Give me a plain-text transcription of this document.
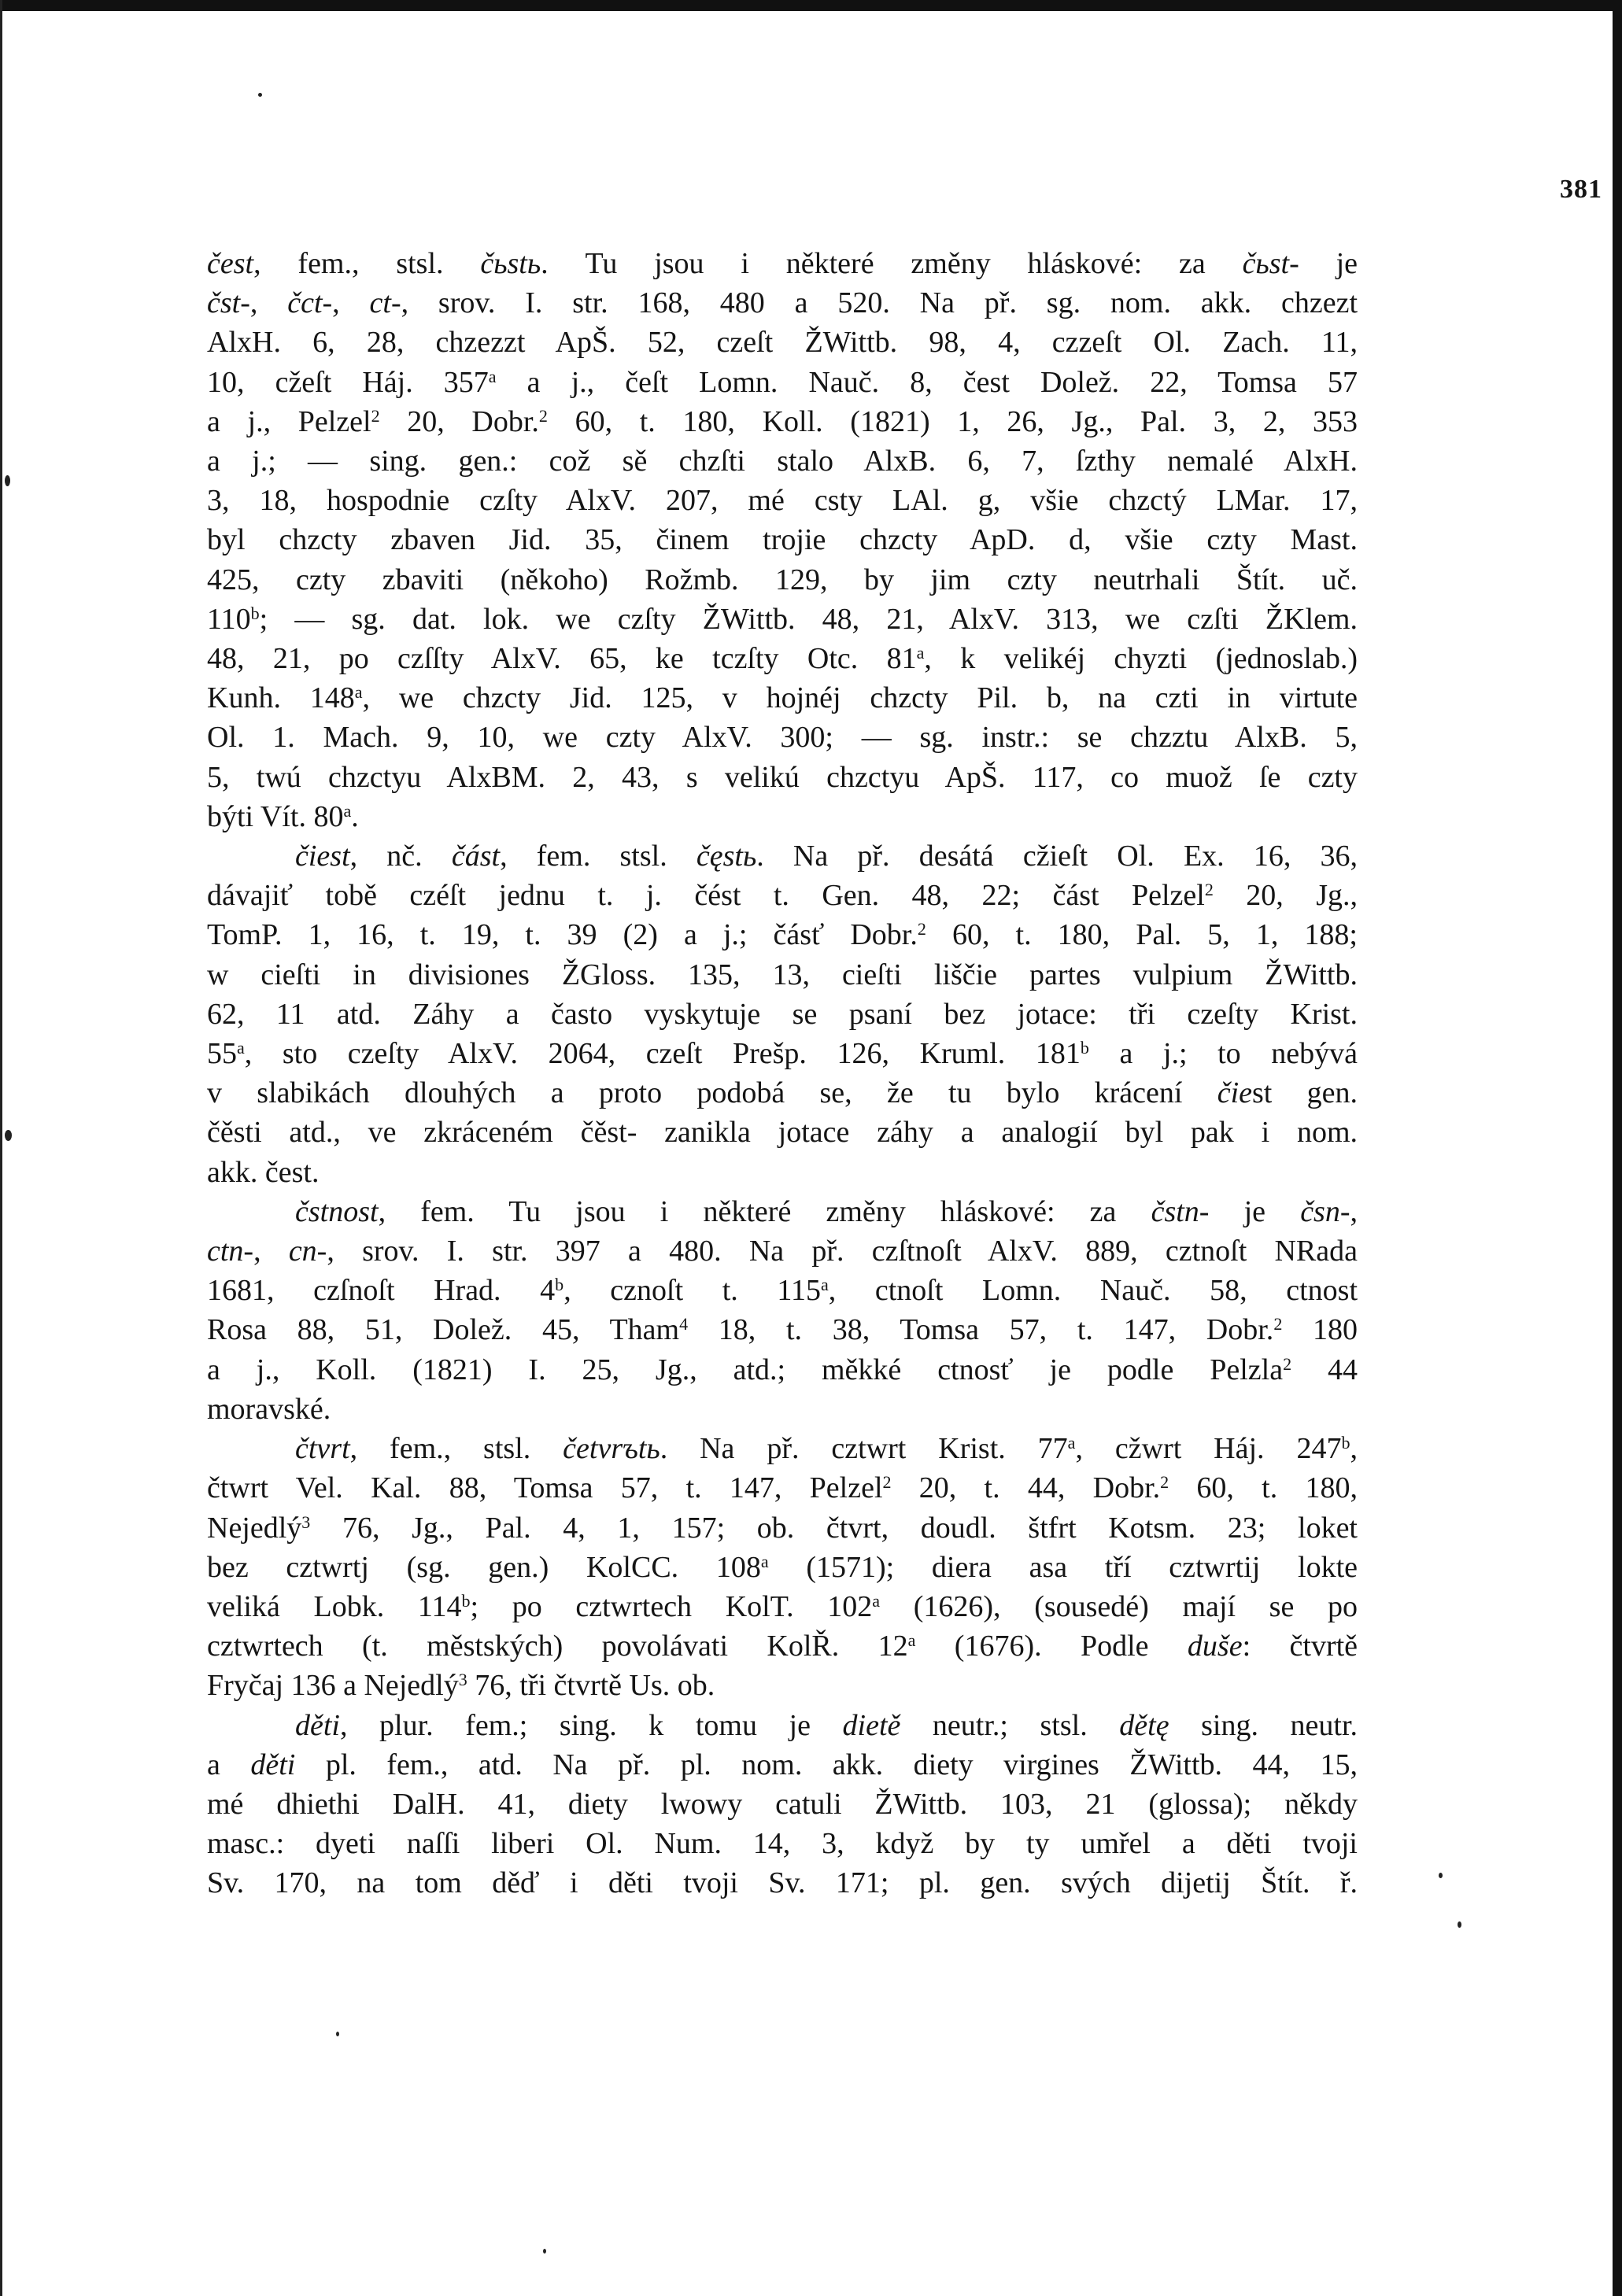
381
čest, fem., stsl. čьstь. Tu jsou i některé změny hláskové: za čьst- je
čst-, čct-, ct-, srov. I. str. 168, 480 a 520. Na př. sg. nom. akk. chzezt
AlxH. 6, 28, chzezzt ApŠ. 52, czeſt ŽWittb. 98, 4, czzeſt Ol. Zach. 11,
10, cžeſt Háj. 357$^a$ a j., čeſt Lomn. Nauč. 8, čest Dolež. 22, Tomsa 57
a j., Pelzel$^2$ 20, Dobr.$^2$ 60, t. 180, Koll. (1821) 1, 26, Jg., Pal. 3, 2, 353
a j.; — sing. gen.: což sě chzſti stalo AlxB. 6, 7, ſzthy nemalé AlxH.
3, 18, hospodnie czſty AlxV. 207, mé csty LAl. g, všie chzctý LMar. 17,
byl chzcty zbaven Jid. 35, činem trojie chzcty ApD. d, všie czty Mast.
425, czty zbaviti (někoho) Rožmb. 129, by jim czty neutrhali Štít. uč.
110$^b$; — sg. dat. lok. we czſty ŽWittb. 48, 21, AlxV. 313, we czſti ŽKlem.
48, 21, po czſſty AlxV. 65, ke tczſty Otc. 81$^a$, k velikéj chyzti (jednoslab.)
Kunh. 148$^a$, we chzcty Jid. 125, v hojnéj chzcty Pil. b, na czti in virtute
Ol. 1. Mach. 9, 10, we czty AlxV. 300; — sg. instr.: se chzztu AlxB. 5,
5, twú chzctyu AlxBM. 2, 43, s velikú chzctyu ApŠ. 117, co muož ſe czty
býti Vít. 80$^a$.
čiest, nč. část, fem. stsl. čęstь. Na př. desátá cžieſt Ol. Ex. 16, 36,
dávajiť tobě czéſt jednu t. j. čést t. Gen. 48, 22; část Pelzel$^2$ 20, Jg.,
TomP. 1, 16, t. 19, t. 39 (2) a j.; čásť Dobr.$^2$ 60, t. 180, Pal. 5, 1, 188;
w cieſti in divisiones ŽGloss. 135, 13, cieſti liščie partes vulpium ŽWittb.
62, 11 atd. Záhy a často vyskytuje se psaní bez jotace: tři czeſty Krist.
55$^a$, sto czeſty AlxV. 2064, czeſt Prešp. 126, Kruml. 181$^b$ a j.; to nebývá
v slabikách dlouhých a proto podobá se, že tu bylo krácení čiest gen.
čěsti atd., ve zkráceném čěst- zanikla jotace záhy a analogií byl pak i nom.
akk. čest.
čstnost, fem. Tu jsou i některé změny hláskové: za čstn- je čsn-,
ctn-, cn-, srov. I. str. 397 a 480. Na př. czſtnoſt AlxV. 889, cztnoſt NRada
1681, czſnoſt Hrad. 4$^b$, cznoſt t. 115$^a$, ctnoſt Lomn. Nauč. 58, ctnost
Rosa 88, 51, Dolež. 45, Tham$^4$ 18, t. 38, Tomsa 57, t. 147, Dobr.$^2$ 180
a j., Koll. (1821) I. 25, Jg., atd.; měkké ctnosť je podle Pelzla$^2$ 44
moravské.
čtvrt, fem., stsl. četvrъtь. Na př. cztwrt Krist. 77$^a$, cžwrt Háj. 247$^b$,
čtwrt Vel. Kal. 88, Tomsa 57, t. 147, Pelzel$^2$ 20, t. 44, Dobr.$^2$ 60, t. 180,
Nejedlý$^3$ 76, Jg., Pal. 4, 1, 157; ob. čtvrt, doudl. štfrt Kotsm. 23; loket
bez cztwrtj (sg. gen.) KolCC. 108$^a$ (1571); diera asa tří cztwrtij lokte
veliká Lobk. 114$^b$; po cztwrtech KolT. 102$^a$ (1626), (sousedé) mají se po
cztwrtech (t. městských) povolávati KolŘ. 12$^a$ (1676). Podle duše: čtvrtě
Fryčaj 136 a Nejedlý$^3$ 76, tři čtvrtě Us. ob.
děti, plur. fem.; sing. k tomu je dietě neutr.; stsl. dětę sing. neutr.
a děti pl. fem., atd. Na př. pl. nom. akk. diety virgines ŽWittb. 44, 15,
mé dhiethi DalH. 41, diety lwowy catuli ŽWittb. 103, 21 (glossa); někdy
masc.: dyeti naſſi liberi Ol. Num. 14, 3, když by ty umřel a děti tvoji
Sv. 170, na tom děď i děti tvoji Sv. 171; pl. gen. svých dijetij Štít. ř.
